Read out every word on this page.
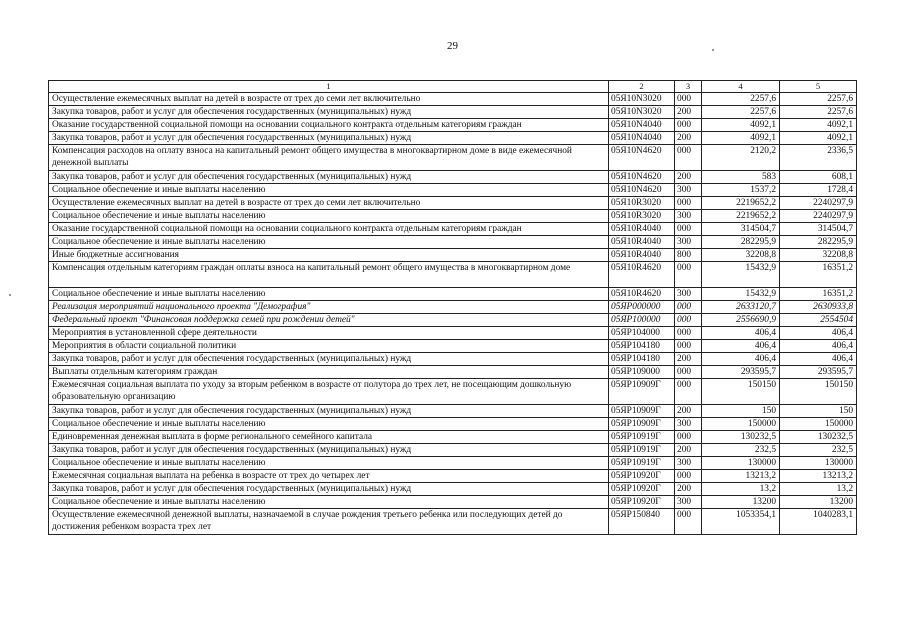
29
1	2	3	4	5
Осуществление ежемесячных выплат на детей в возрасте от трех до семи лет включительно	05Я10N3020	000	2257,6	2257,6
Закупка товаров, работ и услуг для обеспечения государственных (муниципальных) нужд	05Я10N3020	200	2257,6	2257,6
Оказание государственной социальной помощи на основании социального контракта отдельным категориям граждан	05Я10N4040	000	4092,1	4092,1
Закупка товаров, работ и услуг для обеспечения государственных (муниципальных) нужд	05Я10N4040	200	4092,1	4092,1
Компенсация расходов на оплату взноса на капитальный ремонт общего имущества в многоквартирном доме в виде ежемесячной денежной выплаты	05Я10N4620	000	2120,2	2336,5
Закупка товаров, работ и услуг для обеспечения государственных (муниципальных) нужд	05Я10N4620	200	583	608,1
Социальное обеспечение и иные выплаты населению	05Я10N4620	300	1537,2	1728,4
Осуществление ежемесячных выплат на детей в возрасте от трех до семи лет включительно	05Я10R3020	000	2219652,2	2240297,9
Социальное обеспечение и иные выплаты населению	05Я10R3020	300	2219652,2	2240297,9
Оказание государственной социальной помощи на основании социального контракта отдельным категориям граждан	05Я10R4040	000	314504,7	314504,7
Социальное обеспечение и иные выплаты населению	05Я10R4040	300	282295,9	282295,9
Иные бюджетные ассигнования	05Я10R4040	800	32208,8	32208,8
Компенсация отдельным категориям граждан оплаты взноса на капитальный ремонт общего имущества в многоквартирном доме	05Я10R4620	000	15432,9	16351,2
Социальное обеспечение и иные выплаты населению	05Я10R4620	300	15432,9	16351,2
Реализация мероприятий национального проекта "Демография"	05ЯP000000	000	2633120,7	2630933,8
Федеральный проект "Финансовая поддержка семей при рождении детей"	05ЯP100000	000	2556690,9	2554504
Мероприятия в установленной сфере деятельности	05ЯP104000	000	406,4	406,4
Мероприятия в области социальной политики	05ЯP104180	000	406,4	406,4
Закупка товаров, работ и услуг для обеспечения государственных (муниципальных) нужд	05ЯP104180	200	406,4	406,4
Выплаты отдельным категориям граждан	05ЯP109000	000	293595,7	293595,7
Ежемесячная социальная выплата по уходу за вторым ребенком в возрасте от полутора до трех лет, не посещающим дошкольную образовательную организацию	05ЯP10909Г	000	150150	150150
Закупка товаров, работ и услуг для обеспечения государственных (муниципальных) нужд	05ЯP10909Г	200	150	150
Социальное обеспечение и иные выплаты населению	05ЯP10909Г	300	150000	150000
Единовременная денежная выплата в форме регионального семейного капитала	05ЯP10919Г	000	130232,5	130232,5
Закупка товаров, работ и услуг для обеспечения государственных (муниципальных) нужд	05ЯP10919Г	200	232,5	232,5
Социальное обеспечение и иные выплаты населению	05ЯP10919Г	300	130000	130000
Ежемесячная социальная выплата на ребенка в возрасте от трех до четырех лет	05ЯP10920Г	000	13213,2	13213,2
Закупка товаров, работ и услуг для обеспечения государственных (муниципальных) нужд	05ЯP10920Г	200	13,2	13,2
Социальное обеспечение и иные выплаты населению	05ЯP10920Г	300	13200	13200
Осуществление ежемесячной денежной выплаты, назначаемой в случае рождения третьего ребенка или последующих детей до достижения ребенком возраста трех лет	05ЯP150840	000	1053354,1	1040283,1
